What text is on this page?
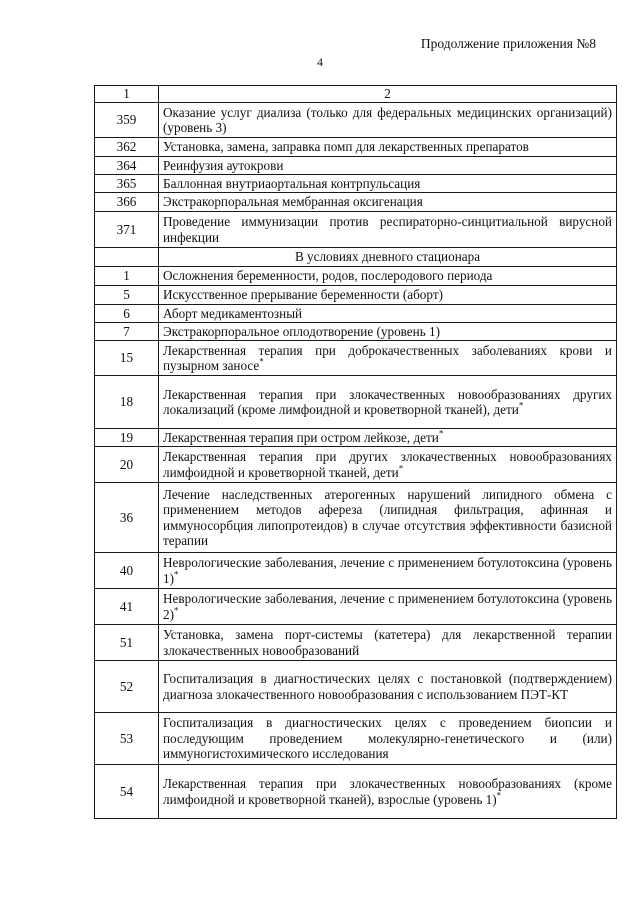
Продолжение приложения №8
4
1	2
359	Оказание услуг диализа (только для федеральных медицинских организаций) (уровень 3)
362	Установка, замена, заправка помп для лекарственных препаратов
364	Реинфузия аутокрови
365	Баллонная внутриаортальная контрпульсация
366	Экстракорпоральная мембранная оксигенация
371	Проведение иммунизации против респираторно-синцитиальной вирусной инфекции
	В условиях дневного стационара
1	Осложнения беременности, родов, послеродового периода
5	Искусственное прерывание беременности (аборт)
6	Аборт медикаментозный
7	Экстракорпоральное оплодотворение (уровень 1)
15	Лекарственная терапия при доброкачественных заболеваниях крови и пузырном заносе*
18	Лекарственная терапия при злокачественных новообразованиях других локализаций (кроме лимфоидной и кроветворной тканей), дети*
19	Лекарственная терапия при остром лейкозе, дети*
20	Лекарственная терапия при других злокачественных новообразованиях лимфоидной и кроветворной тканей, дети*
36	Лечение наследственных атерогенных нарушений липидного обмена с применением методов афереза (липидная фильтрация, афинная и иммуносорбция липопротеидов) в случае отсутствия эффективности базисной терапии
40	Неврологические заболевания, лечение с применением ботулотоксина (уровень 1)*
41	Неврологические заболевания, лечение с применением ботулотоксина (уровень 2)*
51	Установка, замена порт-системы (катетера) для лекарственной терапии злокачественных новообразований
52	Госпитализация в диагностических целях с постановкой (подтверждением) диагноза злокачественного новообразования с использованием ПЭТ-КТ
53	Госпитализация в диагностических целях с проведением биопсии и последующим проведением молекулярно-генетического и (или) иммуногистохимического исследования
54	Лекарственная терапия при злокачественных новообразованиях (кроме лимфоидной и кроветворной тканей), взрослые (уровень 1)*
